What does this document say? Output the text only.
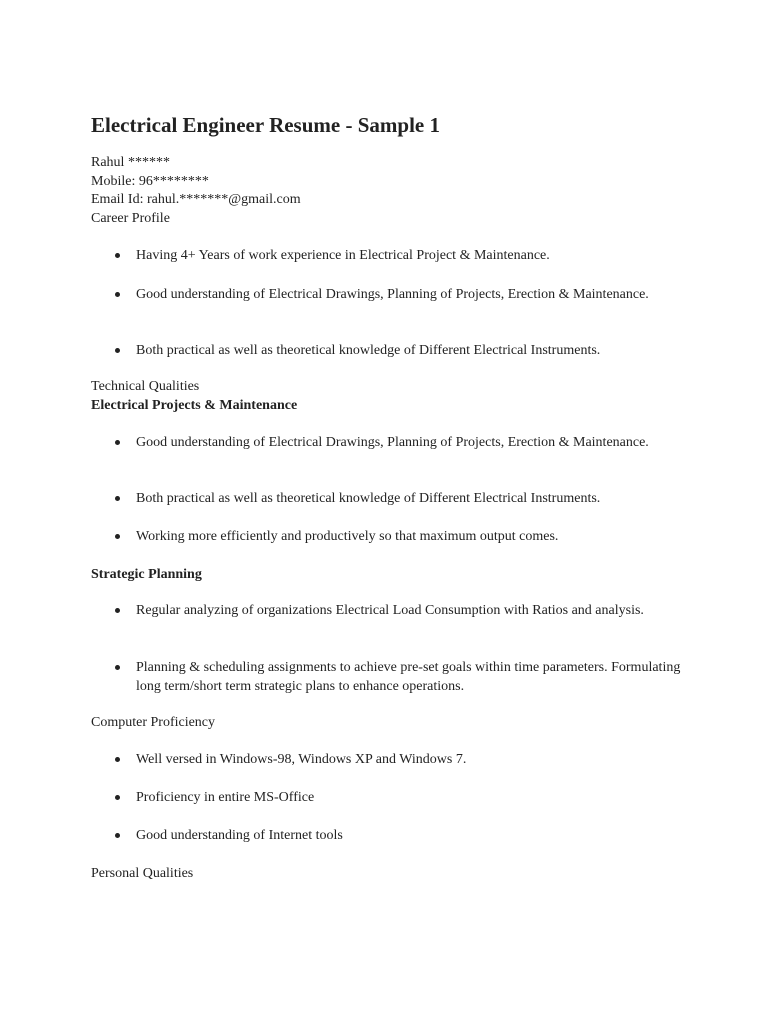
Electrical Engineer Resume - Sample 1
Rahul ******
Mobile: 96********
Email Id: rahul.*******@gmail.com
Career Profile
Having 4+ Years of work experience in Electrical Project & Maintenance.
Good understanding of Electrical Drawings, Planning of Projects, Erection & Maintenance.
Both practical as well as theoretical knowledge of Different Electrical Instruments.
Technical Qualities
Electrical Projects & Maintenance
Good understanding of Electrical Drawings, Planning of Projects, Erection & Maintenance.
Both practical as well as theoretical knowledge of Different Electrical Instruments.
Working more efficiently and productively so that maximum output comes.
Strategic Planning
Regular analyzing of organizations Electrical Load Consumption with Ratios and analysis.
Planning & scheduling assignments to achieve pre-set goals within time parameters. Formulating long term/short term strategic plans to enhance operations.
Computer Proficiency
Well versed in Windows-98, Windows XP and Windows 7.
Proficiency in entire MS-Office
Good understanding of Internet tools
Personal Qualities
